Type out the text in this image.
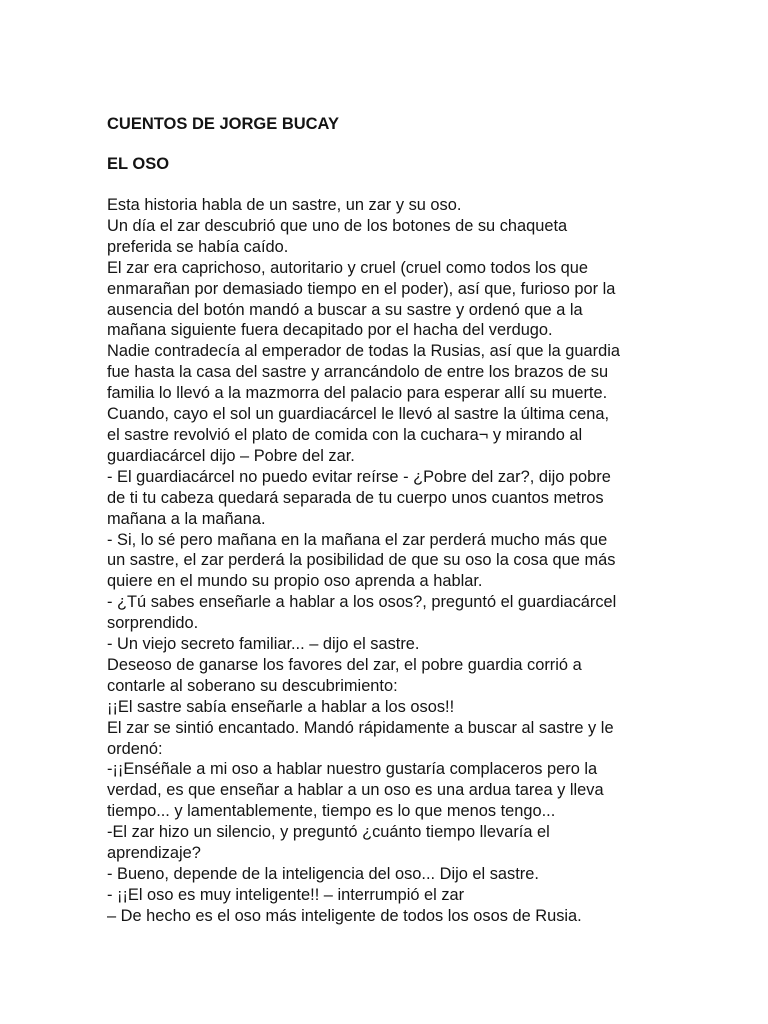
CUENTOS DE JORGE BUCAY
EL OSO
Esta historia habla de un sastre, un zar y su oso.
Un día el zar descubrió que uno de los botones de su chaqueta
preferida se había caído.
El zar era caprichoso, autoritario y cruel (cruel como todos los que
enmarañan por demasiado tiempo en el poder), así que, furioso por la
ausencia del botón mandó a buscar a su sastre y ordenó que a la
mañana siguiente fuera decapitado por el hacha del verdugo.
Nadie contradecía al emperador de todas la Rusias, así que la guardia
fue hasta la casa del sastre y arrancándolo de entre los brazos de su
familia lo llevó a la mazmorra del palacio para esperar allí su muerte.
Cuando, cayo el sol un guardiacárcel le llevó al sastre la última cena,
el sastre revolvió el plato de comida con la cuchara¬ y mirando al
guardiacárcel dijo – Pobre del zar.
- El guardiacárcel no puedo evitar reírse - ¿Pobre del zar?, dijo pobre
de ti tu cabeza quedará separada de tu cuerpo unos cuantos metros
mañana a la mañana.
- Si, lo sé pero mañana en la mañana el zar perderá mucho más que
un sastre, el zar perderá la posibilidad de que su oso la cosa que más
quiere en el mundo su propio oso aprenda a hablar.
- ¿Tú sabes enseñarle a hablar a los osos?, preguntó el guardiacárcel
sorprendido.
- Un viejo secreto familiar... – dijo el sastre.
Deseoso de ganarse los favores del zar, el pobre guardia corrió a
contarle al soberano su descubrimiento:
¡¡El sastre sabía enseñarle a hablar a los osos!!
El zar se sintió encantado. Mandó rápidamente a buscar al sastre y le
ordenó:
-¡¡Enséñale a mi oso a hablar nuestro gustaría complaceros pero la
verdad, es que enseñar a hablar a un oso es una ardua tarea y lleva
tiempo... y lamentablemente, tiempo es lo que menos tengo...
-El zar hizo un silencio, y preguntó ¿cuánto tiempo llevaría el
aprendizaje?
- Bueno, depende de la inteligencia del oso... Dijo el sastre.
- ¡¡El oso es muy inteligente!! – interrumpió el zar
– De hecho es el oso más inteligente de todos los osos de Rusia.
